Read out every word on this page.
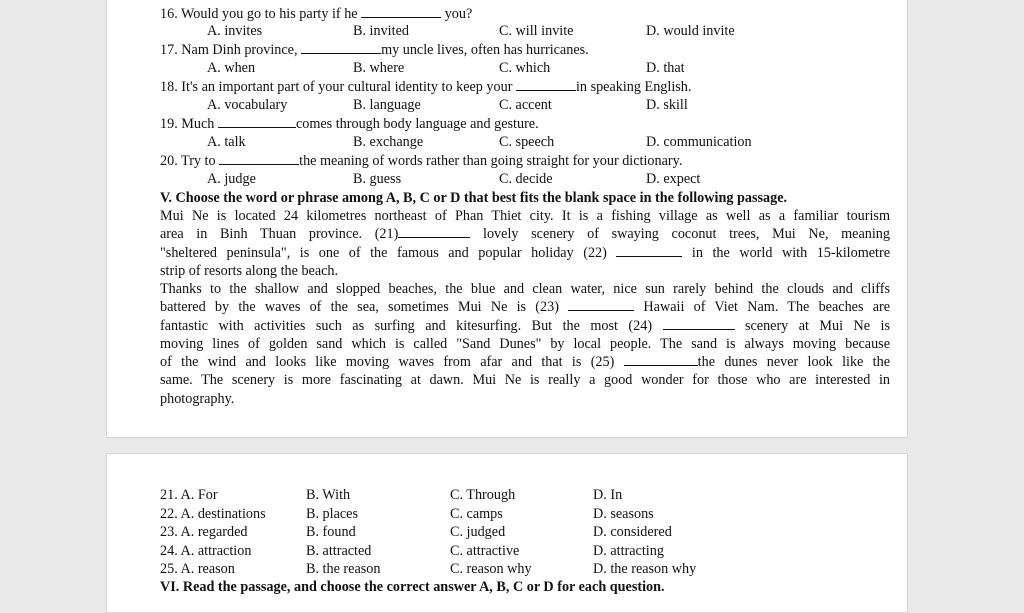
16. Would you go to his party if he	you?
A. invites	B. invited	C. will invite	D. would invite
17. Nam Dinh province,	my uncle lives, often has hurricanes.
A. when	B. where	C. which	D. that
18. It's an important part of your cultural identity to keep your	in speaking English.
A. vocabulary	B. language	C. accent	D. skill
19. Much	comes through body language and gesture.
A. talk	B. exchange	C. speech	D. communication
20. Try to	the meaning of words rather than going straight for your dictionary.
A. judge	B. guess	C. decide	D. expect
V. Choose the word or phrase among A, B, C or D that best fits the blank space in the following passage.
Mui Ne is located 24 kilometres northeast of Phan Thiet city. It is a fishing village as well as a familiar tourism
area in Binh Thuan province. (21)	lovely scenery of swaying coconut trees, Mui Ne, meaning
"sheltered peninsula", is one of the famous and popular holiday (22)	in the world with 15-kilometre
strip of resorts along the beach.
Thanks to the shallow and slopped beaches, the blue and clean water, nice sun rarely behind the clouds and cliffs
battered by the waves of the sea, sometimes Mui Ne is (23)	Hawaii of Viet Nam. The beaches are
fantastic with activities such as surfing and kitesurfing. But the most (24)	scenery at Mui Ne is
moving lines of golden sand which is called "Sand Dunes" by local people. The sand is always moving because
of the wind and looks like moving waves from afar and that is (25)	the dunes never look like the
same. The scenery is more fascinating at dawn. Mui Ne is really a good wonder for those who are interested in
photography.
21. A. For	B. With	C. Through	D. In
22. A. destinations	B. places	C. camps	D. seasons
23. A. regarded	B. found	C. judged	D. considered
24. A. attraction	B. attracted	C. attractive	D. attracting
25. A. reason	B. the reason	C. reason why	D. the reason why
VI. Read the passage, and choose the correct answer A, B, C or D for each question.
